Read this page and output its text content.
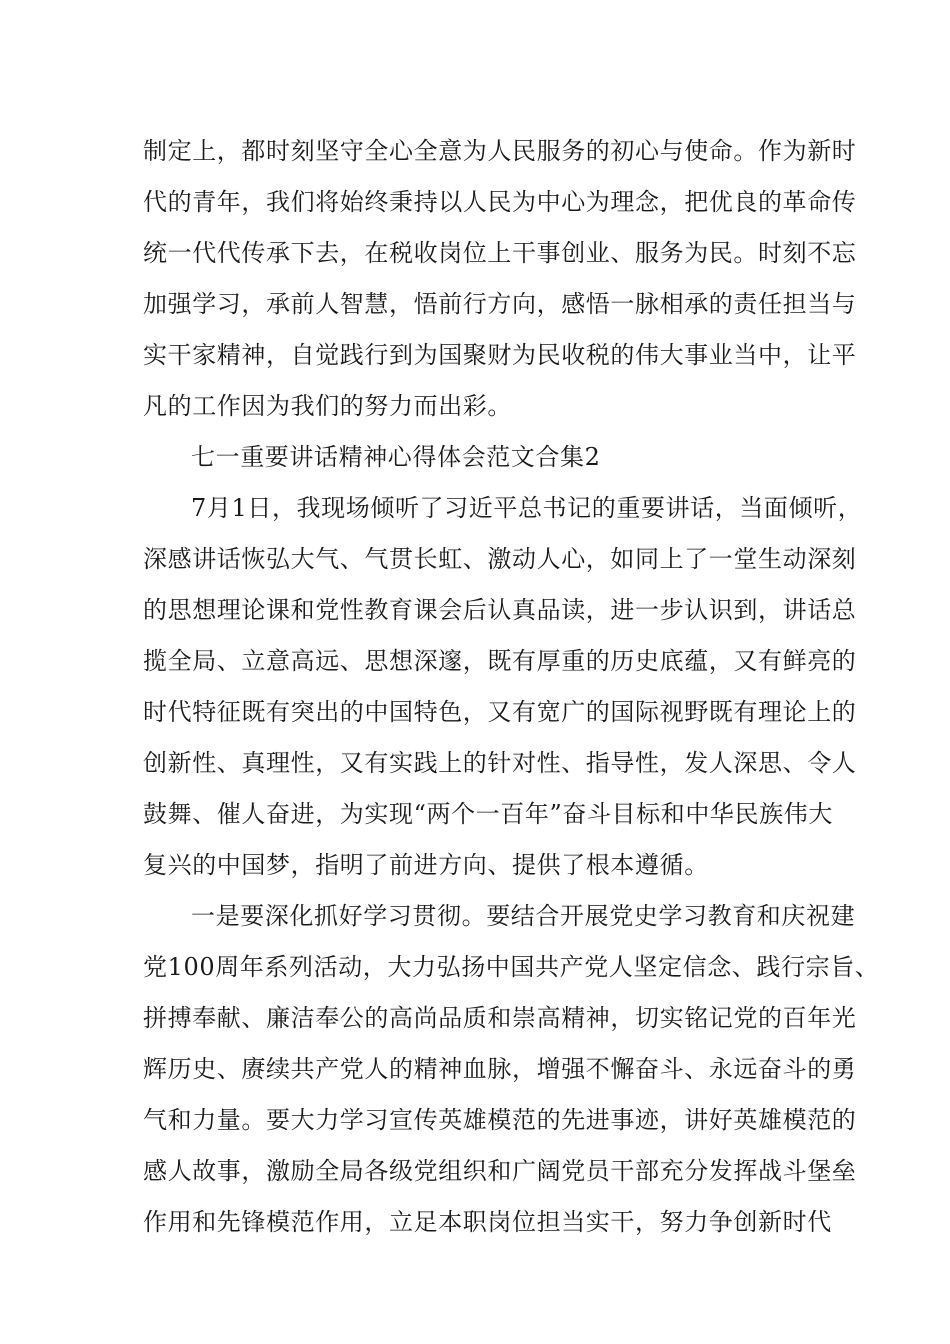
制定上，都时刻坚守全心全意为人民服务的初心与使命。作为新时

代的青年，我们将始终秉持以人民为中心为理念，把优良的革命传

统一代代传承下去，在税收岗位上干事创业、服务为民。时刻不忘

加强学习，承前人智慧，悟前行方向，感悟一脉相承的责任担当与

实干家精神，自觉践行到为国聚财为民收税的伟大事业当中，让平

凡的工作因为我们的努力而出彩。

七一重要讲话精神心得体会范文合集2

7月1日，我现场倾听了习近平总书记的重要讲话，当面倾听，

深感讲话恢弘大气、气贯长虹、激动人心，如同上了一堂生动深刻

的思想理论课和党性教育课会后认真品读，进一步认识到，讲话总

揽全局、立意高远、思想深邃，既有厚重的历史底蕴，又有鲜亮的

时代特征既有突出的中国特色，又有宽广的国际视野既有理论上的

创新性、真理性，又有实践上的针对性、指导性，发人深思、令人

鼓舞、催人奋进，为实现“两个一百年”奋斗目标和中华民族伟大

复兴的中国梦，指明了前进方向、提供了根本遵循。

一是要深化抓好学习贯彻。要结合开展党史学习教育和庆祝建

党100周年系列活动，大力弘扬中国共产党人坚定信念、践行宗旨、

拼搏奉献、廉洁奉公的高尚品质和崇高精神，切实铭记党的百年光

辉历史、赓续共产党人的精神血脉，增强不懈奋斗、永远奋斗的勇

气和力量。要大力学习宣传英雄模范的先进事迹，讲好英雄模范的

感人故事，激励全局各级党组织和广阔党员干部充分发挥战斗堡垒

作用和先锋模范作用，立足本职岗位担当实干，努力争创新时代
